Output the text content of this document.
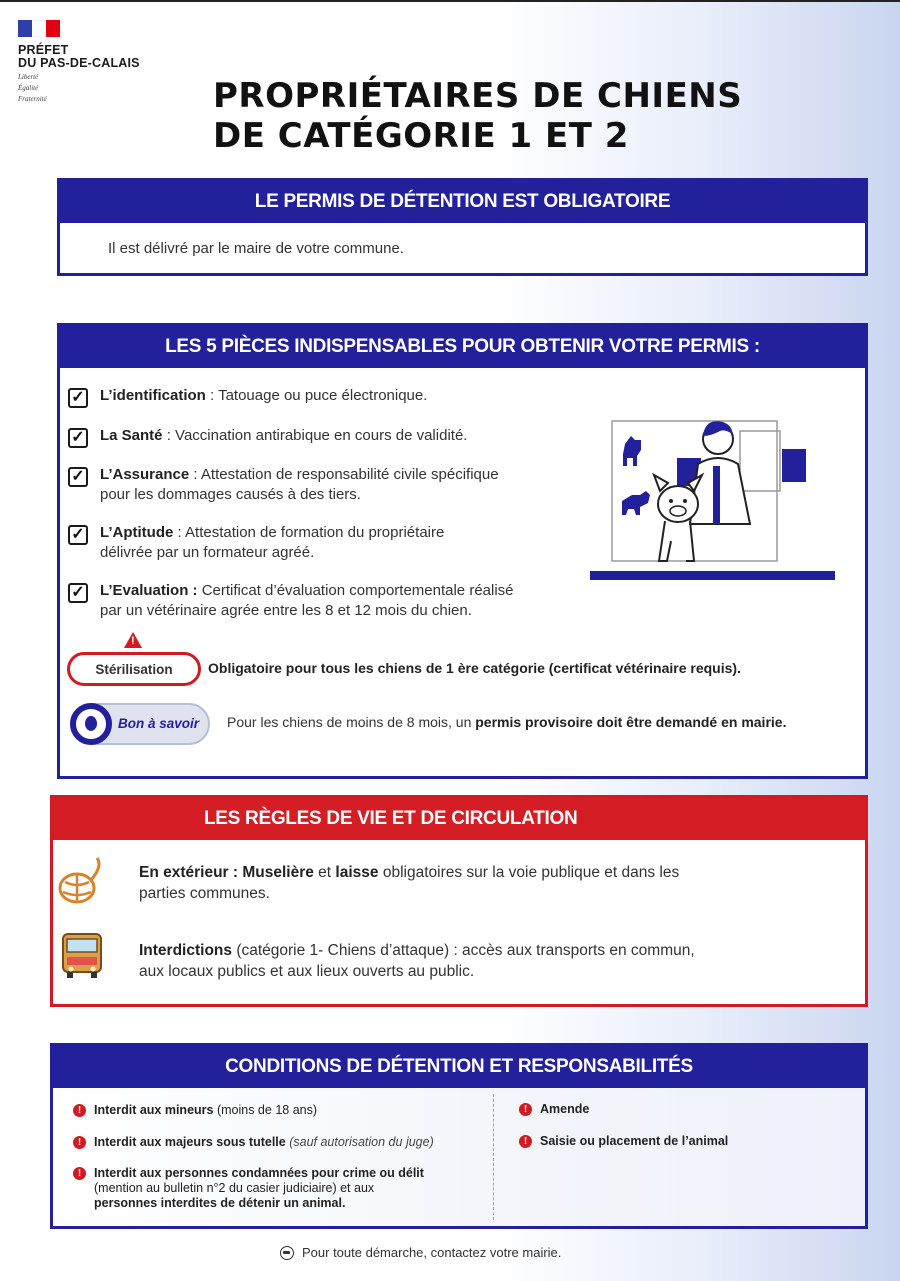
PRÉFET
DU PAS-DE-CALAIS
Liberté
Égalité
Fraternité	PROPRIÉTAIRES DE CHIENS
DE CATÉGORIE 1 ET 2
LE PERMIS DE DÉTENTION EST OBLIGATOIRE
Il est délivré par le maire de votre commune.
LES 5 PIÈCES INDISPENSABLES POUR OBTENIR VOTRE PERMIS :
✓ L’identification : Tatouage ou puce électronique.
✓ La Santé : Vaccination antirabique en cours de validité.
✓ L’Assurance : Attestation de responsabilité civile spécifique
pour les dommages causés à des tiers.
✓ L’Aptitude : Attestation de formation du propriétaire
délivrée par un formateur agréé.
✓ L’Evaluation : Certificat d’évaluation comportementale réalisé
par un vétérinaire agrée entre les 8 et 12 mois du chien.
!
Stérilisation	Obligatoire pour tous les chiens de 1 ère catégorie (certificat vétérinaire requis).
Bon à savoir Pour les chiens de moins de 8 mois, un permis provisoire doit être demandé en mairie.
LES RÈGLES DE VIE ET DE CIRCULATION
En extérieur : Muselière et laisse obligatoires sur la voie publique et dans les
parties communes.
Interdictions (catégorie 1- Chiens d’attaque) : accès aux transports en commun,
aux locaux publics et aux lieux ouverts au public.
CONDITIONS DE DÉTENTION ET RESPONSABILITÉS
!	Interdit aux mineurs (moins de 18 ans)
!	Interdit aux majeurs sous tutelle (sauf autorisation du juge)
!	Interdit aux personnes condamnées pour crime ou délit
(mention au bulletin n°2 du casier judiciaire) et aux
personnes interdites de détenir un animal.
!	Amende
!	Saisie ou placement de l’animal
Pour toute démarche, contactez votre mairie.
